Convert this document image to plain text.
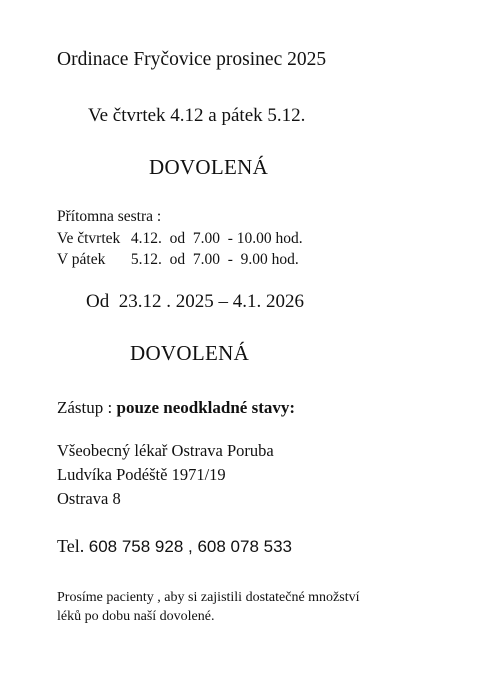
Ordinace Fryčovice prosinec 2025
Ve čtvrtek 4.12 a pátek 5.12.
DOVOLENÁ
Přítomna sestra :
Ve čtvrtek 4.12. od 7.00 - 10.00 hod.
V pátek 5.12. od 7.00 -  9.00 hod.
Od  23.12 . 2025 – 4.1. 2026
DOVOLENÁ
Zástup : pouze neodkladné stavy:
Všeobecný lékař Ostrava Poruba
Ludvíka Podéště 1971/19
Ostrava 8
Tel. 608 758 928 , 608 078 533
Prosíme pacienty , aby si zajistili dostatečné množství
léků po dobu naší dovolené.
